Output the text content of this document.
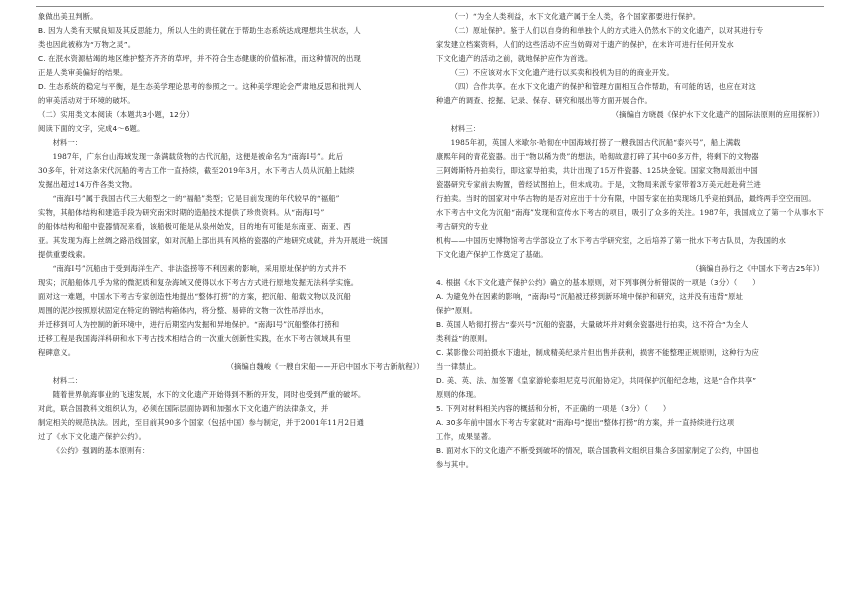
象做出美丑判断。

B. 因为人类有天赋良知及其反思能力，所以人生的责任就在于帮助生态系统达成理想共生状态，人

类也因此被称为“万物之灵”。

C. 在泯水资源枯竭的地区维护整齐齐齐的草坪，并不符合生态健康的价值标准，而这种情况的出现

正是人类审美偏好的结果。

D. 生态系统的稳定与平衡，是生态美学理论思考的参照之一。这种美学理论会严肃地反思和批判人

的审美活动对于环境的破坏。

（二）实用类文本阅读（本题共3小题，12分）

阅读下面的文字，完成4～6题。

材料一：

1987年，广东台山海域发现一条满载货物的古代沉船，这便是被命名为“南海Ⅰ号”。此后

30多年，针对这条宋代沉船的考古工作一直持续，截至2019年3月，水下考古人员从沉船上陆续

发掘出超过14万件各类文物。

“南海Ⅰ号”属于我国古代三大船型之一的“福船”类型；它是目前发现的年代较早的“福船”

实物，其船体结构和建造手段为研究南宋时期的造船技术提供了珍贵资料。从“南海Ⅰ号”

的船体结构和船中瓷器情况来看，该船极可能是从泉州始发，目的地有可能是东南亚、南亚、西

亚。其发现为海上丝绸之路沿线国家，如对沉船上部出具有风格的瓷器的产地研究成就，并为开展进一统国

提供重要线索。

“南海Ⅰ号”沉船由于受到海洋生产、非法盗捞等不利因素的影响，采用原址保护的方式并不

现实；沉船船体几乎为常的微泥质和复杂海域又使得以水下考古方式进行原地发掘无法科学实施。

面对这一难题，中国水下考古专家创造性地提出“整体打捞”的方案，把沉船、船载文物以及沉船

周围的泥沙按照原状固定在特定的钢结构箱体内，将分整、易碎的文物一次性吊浮出水，

并迁移到可人为控制的新环境中，进行后期室内发掘和异地保护。“南海Ⅰ号”沉船整体打捞和

迁移工程是我国海洋科研和水下考古技术相结合的一次重大创新性实践，在水下考古领域具有里

程碑意义。

（摘编自魏峻《一艘自宋船——开启中国水下考古新航程》）

材料二：

随着世界航海事业的飞速发展，水下的文化遗产开始得到不断的开发，同时也受到严重的破坏。

对此，联合国教科文组织认为，必须在国际层面协调和加强水下文化遗产的法律条文，并

制定相关的规范执法。因此，至目前其90多个国家（包括中国）参与制定，并于2001年11月2日通

过了《水下文化遗产保护公约》。

《公约》强调的基本原则有：

（一）“为全人类利益，水下文化遗产属于全人类，各个国家都要进行保护。

（二）原址保护。鉴于人们以自身的和单独个人的方式进入仍然水下的文化遗产，以对其进行专

家发建立档案资料，人们的这些活动不应当妨碍对于遗产的保护，在未许可进行任何开发水

下文化遗产的活动之前，就地保护应作为首选。

（三）不应该对水下文化遗产进行以买卖和投机为目的的商业开发。

（四）合作共享。在水下文化遗产的保护和管理方面相互合作帮助，有可能的话，也应在对这

种遗产的调查、挖掘、记录、保存、研究和展出等方面开展合作。

（摘编自方晓晨《保护水下文化遗产的国际法原则的应用探析》）

材料三：

1985年初，英国人米歇尔·哈彻在中国海域打捞了一艘我国古代沉船“泰兴号”，船上满载

康熙年间的青花瓷器。出于“物以稀为贵”的想法，哈彻故意打碎了其中60多万件，将剩下的文物器

三阿姆斯特丹拍卖行，即这家导拍卖，共计出现了15万件瓷器、125块金锭。国家文物局派出中国

瓷器研究专家前去购置，曾经试图拍上，但未成功。于是，文物局来派专家带着3万美元赶赴荷兰进

行拍卖。当时的国家对中华古物的是否对应出于十分有限，中国专家在拍卖现场几乎竞拍到品，最终两手空空而回。

水下考古中文化为沉船“南海”发现和宣传水下考古的项目，吸引了众多的关注。1987年，我国成立了第一个从事水下考古研究的专业

机构——中国历史博物馆考古学部设立了水下考古学研究室，之后培养了第一批水下考古队员，为我国的水

下文化遗产保护工作奠定了基础。

（摘编自孙行之《中国水下考古25年》）

4. 根据《水下文化遗产保护公约》确立的基本原则，对下列事例分析错误的一项是（3分）（　　）

A. 为避免外在因素的影响，“南海Ⅰ号”沉船被迁移到新环境中保护和研究，这并没有违背“原址

保护”原则。

B. 英国人哈彻打捞古“泰兴号”沉船的瓷器，大量破坏并对剩余瓷器进行拍卖，这不符合“为全人

类利益”的原则。

C. 某影像公司拍摄水下遗址，制成精美纪录片但出售并获利，损害不能整理正规原则，这种行为应

当一律禁止。

D. 美、英、法、加签署《皇家游轮泰坦尼克号沉船协定》，共同保护沉船纪念地，这是“合作共享”

原则的体现。

5. 下列对材料相关内容的概括和分析，不正确的一项是（3分）（　　）

A. 30多年前中国水下考古专家就对“南海Ⅰ号”提出“整体打捞”的方案，并一直持续进行这项

工作，成果显著。

B. 面对水下的文化遗产不断受到破坏的情况，联合国教科文组织目集合多国家制定了公约，中国也

参与其中。
